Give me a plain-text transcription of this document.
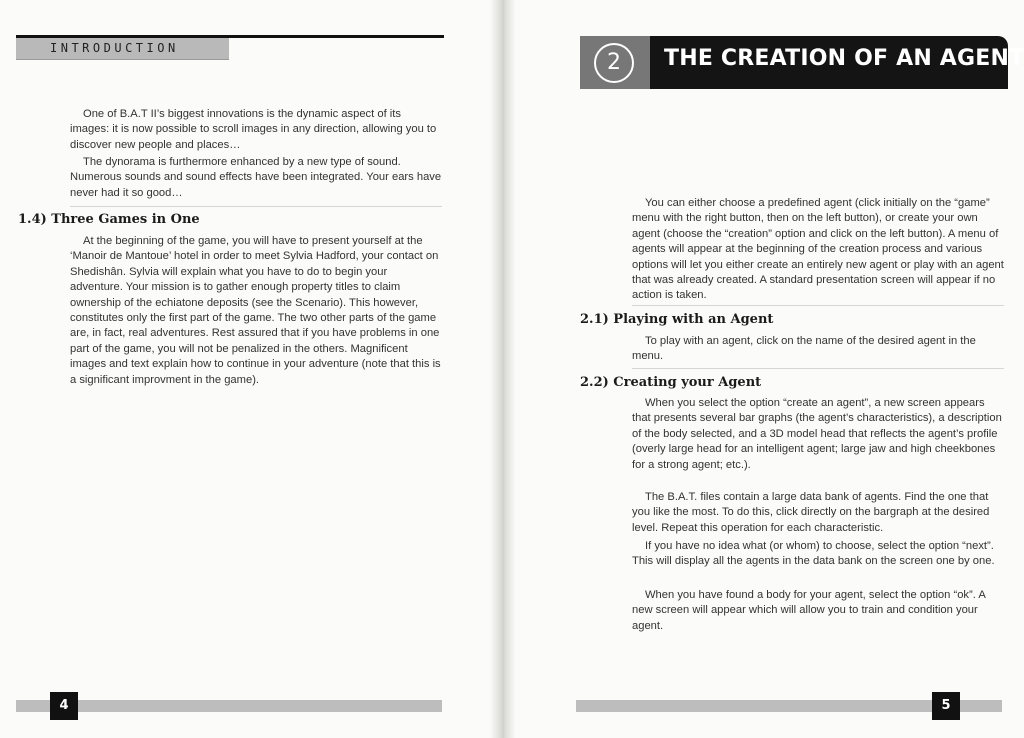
INTRODUCTION

One of B.A.T II’s biggest innovations is the dynamic aspect of its images: it is now possible to scroll images in any direction, allowing you to discover new people and places…

The dynorama is furthermore enhanced by a new type of sound. Numerous sounds and sound effects have been integrated. Your ears have never had it so good…

1.4) Three Games in One

At the beginning of the game, you will have to present yourself at the ‘Manoir de Mantoue’ hotel in order to meet Sylvia Hadford, your contact on Shedishân. Sylvia will explain what you have to do to begin your adventure. Your mission is to gather enough property titles to claim ownership of the echiatone deposits (see the Scenario). This however, constitutes only the first part of the game. The two other parts of the game are, in fact, real adventures. Rest assured that if you have problems in one part of the game, you will not be penalized in the others. Magnificent images and text explain how to continue in your adventure (note that this is a significant improvment in the game).

4
2	THE CREATION OF AN AGENT

You can either choose a predefined agent (click initially on the “game” menu with the right button, then on the left button), or create your own agent (choose the “creation” option and click on the left button). A menu of agents will appear at the beginning of the creation process and various options will let you either create an entirely new agent or play with an agent that was already created. A standard presentation screen will appear if no action is taken.

2.1) Playing with an Agent

To play with an agent, click on the name of the desired agent in the menu.

2.2) Creating your Agent

When you select the option “create an agent”, a new screen appears that presents several bar graphs (the agent’s characteristics), a description of the body selected, and a 3D model head that reflects the agent’s profile (overly large head for an intelligent agent; large jaw and high cheekbones for a strong agent; etc.).

The B.A.T. files contain a large data bank of agents. Find the one that you like the most. To do this, click directly on the bargraph at the desired level. Repeat this operation for each characteristic.

If you have no idea what (or whom) to choose, select the option “next”. This will display all the agents in the data bank on the screen one by one.

When you have found a body for your agent, select the option “ok”. A new screen will appear which will allow you to train and condition your agent.

5
